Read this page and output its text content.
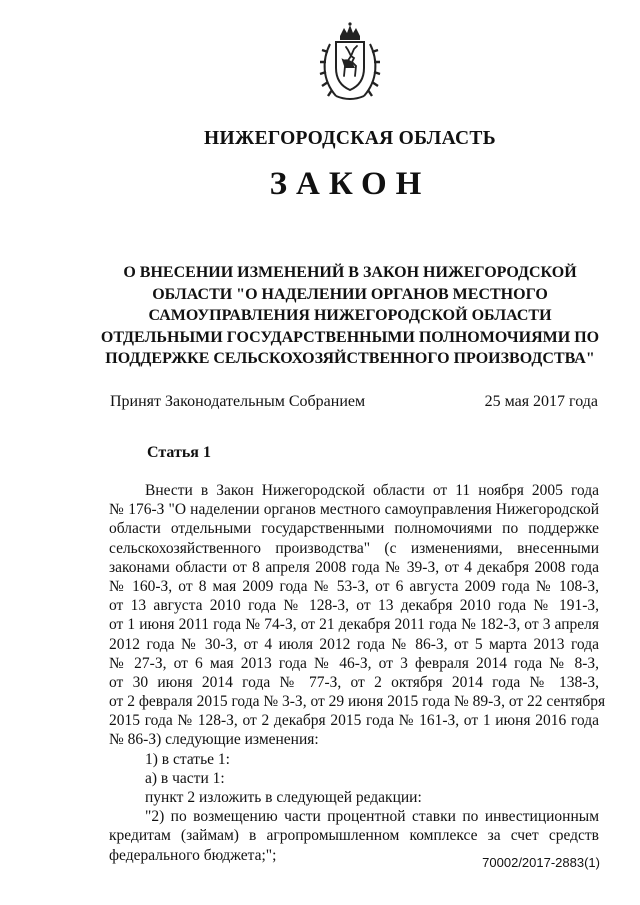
НИЖЕГОРОДСКАЯ ОБЛАСТЬ
ЗАКОН
О ВНЕСЕНИИ ИЗМЕНЕНИЙ В ЗАКОН НИЖЕГОРОДСКОЙ
ОБЛАСТИ "О НАДЕЛЕНИИ ОРГАНОВ МЕСТНОГО
САМОУПРАВЛЕНИЯ НИЖЕГОРОДСКОЙ ОБЛАСТИ
ОТДЕЛЬНЫМИ ГОСУДАРСТВЕННЫМИ ПОЛНОМОЧИЯМИ ПО
ПОДДЕРЖКЕ СЕЛЬСКОХОЗЯЙСТВЕННОГО ПРОИЗВОДСТВА"
Принят Законодательным Собранием	25 мая 2017 года
Статья 1
Внести в Закон Нижегородской области от 11 ноября 2005 года
№ 176-З "О наделении органов местного самоуправления Нижегородской
области отдельными государственными полномочиями по поддержке
сельскохозяйственного производства" (с изменениями, внесенными
законами области от 8 апреля 2008 года № 39-З, от 4 декабря 2008 года
№ 160-З, от 8 мая 2009 года № 53-З, от 6 августа 2009 года № 108-З,
от 13 августа 2010 года № 128-З, от 13 декабря 2010 года № 191-З,
от 1 июня 2011 года № 74-З, от 21 декабря 2011 года № 182-З, от 3 апреля
2012 года № 30-З, от 4 июля 2012 года № 86-З, от 5 марта 2013 года
№ 27-З, от 6 мая 2013 года № 46-З, от 3 февраля 2014 года № 8-З,
от 30 июня 2014 года № 77-З, от 2 октября 2014 года № 138-З,
от 2 февраля 2015 года № 3-З, от 29 июня 2015 года № 89-З, от 22 сентября
2015 года № 128-З, от 2 декабря 2015 года № 161-З, от 1 июня 2016 года
№ 86-З) следующие изменения:
1) в статье 1:
а) в части 1:
пункт 2 изложить в следующей редакции:
"2) по возмещению части процентной ставки по инвестиционным
кредитам (займам) в агропромышленном комплексе за счет средств
федерального бюджета;";	70002/2017-2883(1)
